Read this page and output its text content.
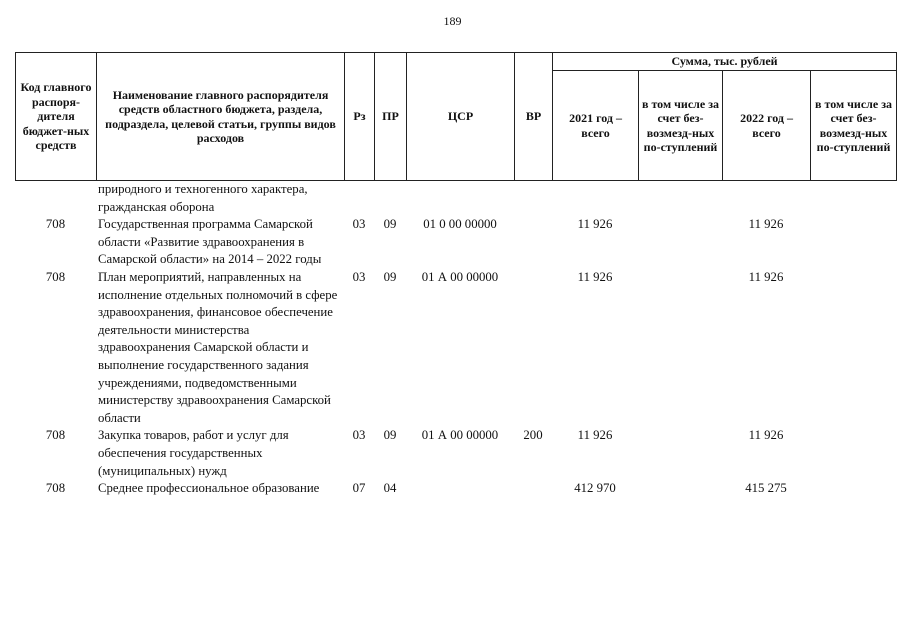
189
Код главного распоря-дителя бюджет-ных средств	Наименование главного распорядителя средств областного бюджета, раздела, подраздела, целевой статьи, группы видов расходов	Рз	ПР	ЦСР	ВР	Сумма, тыс. рублей			
						2021 год – всего	в том числе за счет без-возмезд-ных по-ступлений	2022 год – всего	в том числе за счет без-возмезд-ных по-ступлений
	природного и техногенного характера, гражданская оборона								
708	Государственная программа Самарской области «Развитие здравоохранения в Самарской области» на 2014 – 2022 годы	03	09	01 0 00 00000		11 926		11 926	
708	План мероприятий, направленных на исполнение отдельных полномочий в сфере здравоохранения, финансовое обеспечение деятельности министерства здравоохранения Самарской области и выполнение государственного задания учреждениями, подведомственными министерству здравоохранения Самарской области	03	09	01 А 00 00000		11 926		11 926	
708	Закупка товаров, работ и услуг для обеспечения государственных (муниципальных) нужд	03	09	01 А 00 00000	200	11 926		11 926	
708	Среднее профессиональное образование	07	04			412 970		415 275	
